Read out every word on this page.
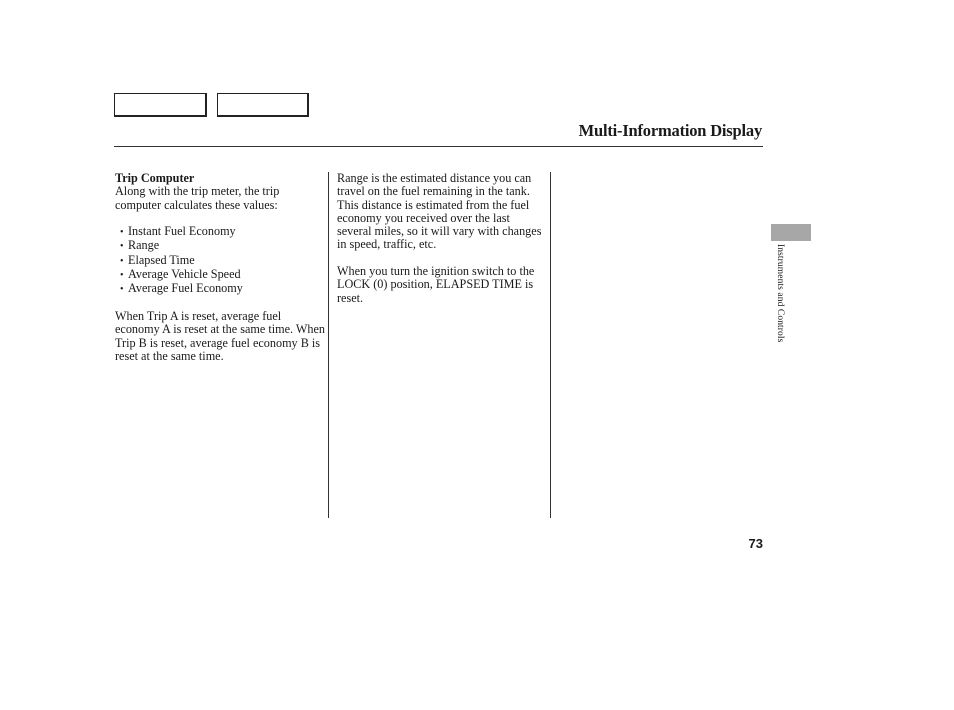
Multi-Information Display

Trip Computer

Along with the trip meter, the trip computer calculates these values:

• Instant Fuel Economy
• Range
• Elapsed Time
• Average Vehicle Speed
• Average Fuel Economy

When Trip A is reset, average fuel economy A is reset at the same time. When Trip B is reset, average fuel economy B is reset at the same time.

Range is the estimated distance you can travel on the fuel remaining in the tank. This distance is estimated from the fuel economy you received over the last several miles, so it will vary with changes in speed, traffic, etc.

When you turn the ignition switch to the LOCK (0) position, ELAPSED TIME is reset.	Instruments and Controls
73
